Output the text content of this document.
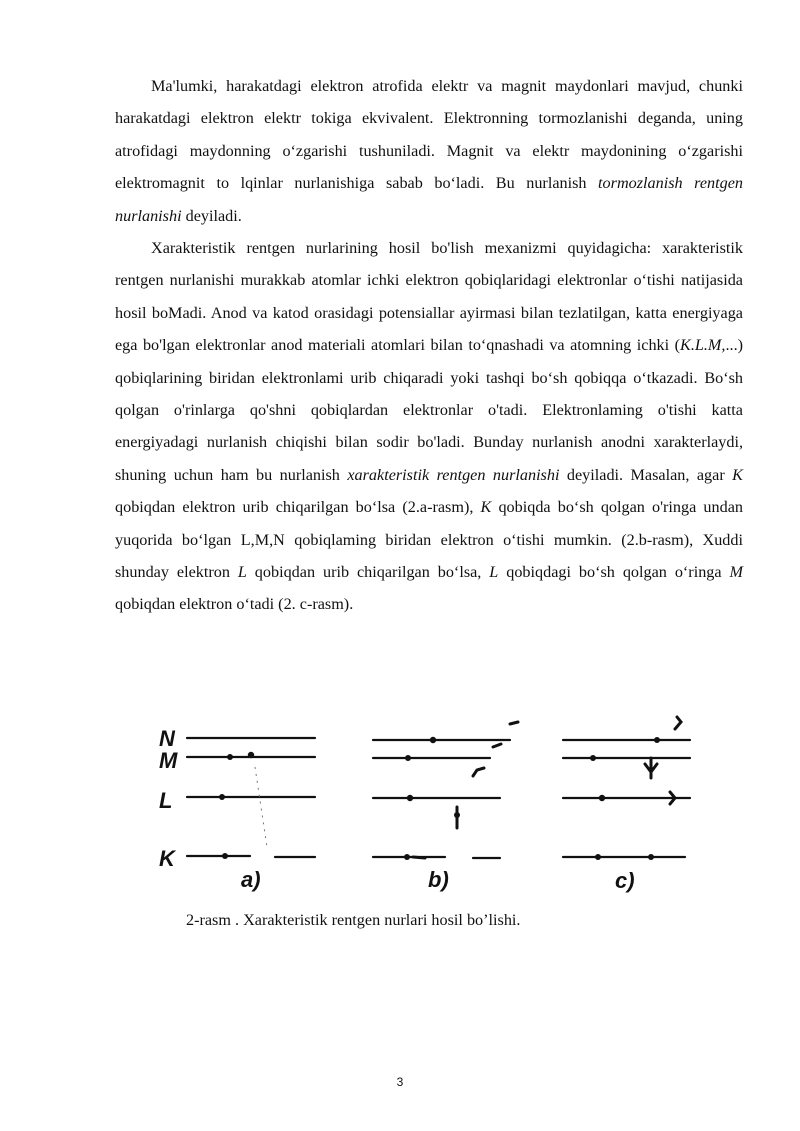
Ma'lumki, harakatdagi elektron atrofida elektr va magnit maydonlari mavjud, chunki harakatdagi elektron elektr tokiga ekvivalent. Elektronning tormozlanishi deganda, uning atrofidagi maydonning o‘zgarishi tushuniladi. Magnit va elektr maydonining o‘zgarishi elektromagnit to lqinlar nurlanishiga sabab bo‘ladi. Bu nurlanish tormozlanish rentgen nurlanishi deyiladi.

Xarakteristik rentgen nurlarining hosil bo'lish mexanizmi quyidagicha: xarakteristik rentgen nurlanishi murakkab atomlar ichki elektron qobiqlaridagi elektronlar o‘tishi natijasida hosil boMadi. Anod va katod orasidagi potensiallar ayirmasi bilan tezlatilgan, katta energiyaga ega bo'lgan elektronlar anod materiali atomlari bilan to‘qnashadi va atomning ichki (K.L.M,...) qobiqlarining biridan elektronlami urib chiqaradi yoki tashqi bo‘sh qobiqqa o‘tkazadi. Bo‘sh qolgan o'rinlarga qo'shni qobiqlardan elektronlar o'tadi. Elektronlaming o'tishi katta energiyadagi nurlanish chiqishi bilan sodir bo'ladi. Bunday nurlanish anodni xarakterlaydi, shuning uchun ham bu nurlanish xarakteristik rentgen nurlanishi deyiladi. Masalan, agar K qobiqdan elektron urib chiqarilgan bo‘lsa (2.a-rasm), K qobiqda bo‘sh qolgan o'ringa undan yuqorida bo‘lgan L,M,N qobiqlaming biridan elektron o‘tishi mumkin. (2.b-rasm), Xuddi shunday elektron L qobiqdan urib chiqarilgan bo‘lsa, L qobiqdagi bo‘sh qolgan o‘ringa M qobiqdan elektron o‘tadi (2. c-rasm).

N
M
L
K
a)	b)	c)
2-rasm . Xarakteristik rentgen nurlari hosil bo’lishi.
3
